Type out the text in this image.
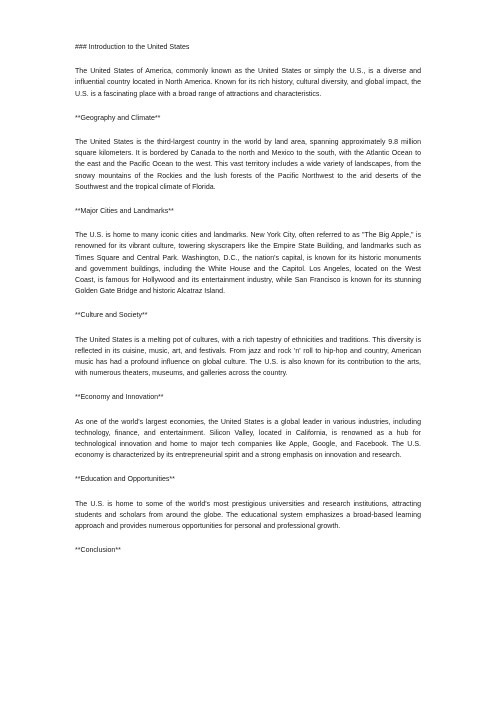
### Introduction to the United States
The United States of America, commonly known as the United States or simply the U.S., is a diverse and influential country located in North America. Known for its rich history, cultural diversity, and global impact, the U.S. is a fascinating place with a broad range of attractions and characteristics.
**Geography and Climate**
The United States is the third-largest country in the world by land area, spanning approximately 9.8 million square kilometers. It is bordered by Canada to the north and Mexico to the south, with the Atlantic Ocean to the east and the Pacific Ocean to the west. This vast territory includes a wide variety of landscapes, from the snowy mountains of the Rockies and the lush forests of the Pacific Northwest to the arid deserts of the Southwest and the tropical climate of Florida.
**Major Cities and Landmarks**
The U.S. is home to many iconic cities and landmarks. New York City, often referred to as "The Big Apple," is renowned for its vibrant culture, towering skyscrapers like the Empire State Building, and landmarks such as Times Square and Central Park. Washington, D.C., the nation's capital, is known for its historic monuments and government buildings, including the White House and the Capitol. Los Angeles, located on the West Coast, is famous for Hollywood and its entertainment industry, while San Francisco is known for its stunning Golden Gate Bridge and historic Alcatraz Island.
**Culture and Society**
The United States is a melting pot of cultures, with a rich tapestry of ethnicities and traditions. This diversity is reflected in its cuisine, music, art, and festivals. From jazz and rock 'n' roll to hip-hop and country, American music has had a profound influence on global culture. The U.S. is also known for its contribution to the arts, with numerous theaters, museums, and galleries across the country.
**Economy and Innovation**
As one of the world's largest economies, the United States is a global leader in various industries, including technology, finance, and entertainment. Silicon Valley, located in California, is renowned as a hub for technological innovation and home to major tech companies like Apple, Google, and Facebook. The U.S. economy is characterized by its entrepreneurial spirit and a strong emphasis on innovation and research.
**Education and Opportunities**
The U.S. is home to some of the world's most prestigious universities and research institutions, attracting students and scholars from around the globe. The educational system emphasizes a broad-based learning approach and provides numerous opportunities for personal and professional growth.
**Conclusion**
